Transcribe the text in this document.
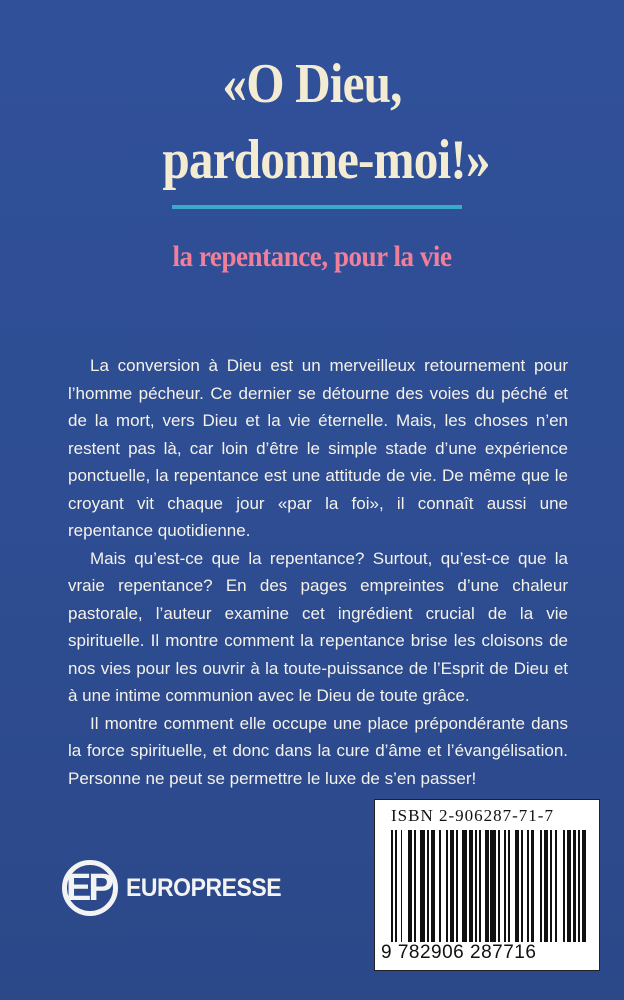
«O Dieu,
pardonne-moi!»
la repentance, pour la vie

La conversion à Dieu est un merveilleux retournement pour l’homme pécheur. Ce dernier se détourne des voies du péché et de la mort, vers Dieu et la vie éternelle. Mais, les choses n’en restent pas là, car loin d’être le simple stade d’une expérience ponctuelle, la repentance est une attitude de vie. De même que le croyant vit chaque jour «par la foi», il connaît aussi une repentance quotidienne.

Mais qu’est-ce que la repentance? Surtout, qu’est-ce que la vraie repentance? En des pages empreintes d’une chaleur pastorale, l’auteur examine cet ingrédient crucial de la vie spirituelle. Il montre comment la repentance brise les cloisons de nos vies pour les ouvrir à la toute-puissance de l’Esprit de Dieu et à une intime communion avec le Dieu de toute grâce.

Il montre comment elle occupe une place prépondérante dans la force spirituelle, et donc dans la cure d’âme et l’évangélisation. Personne ne peut se permettre le luxe de s’en passer!

EP EUROPRESSE
ISBN 2-906287-71-7
9 782906 287716
